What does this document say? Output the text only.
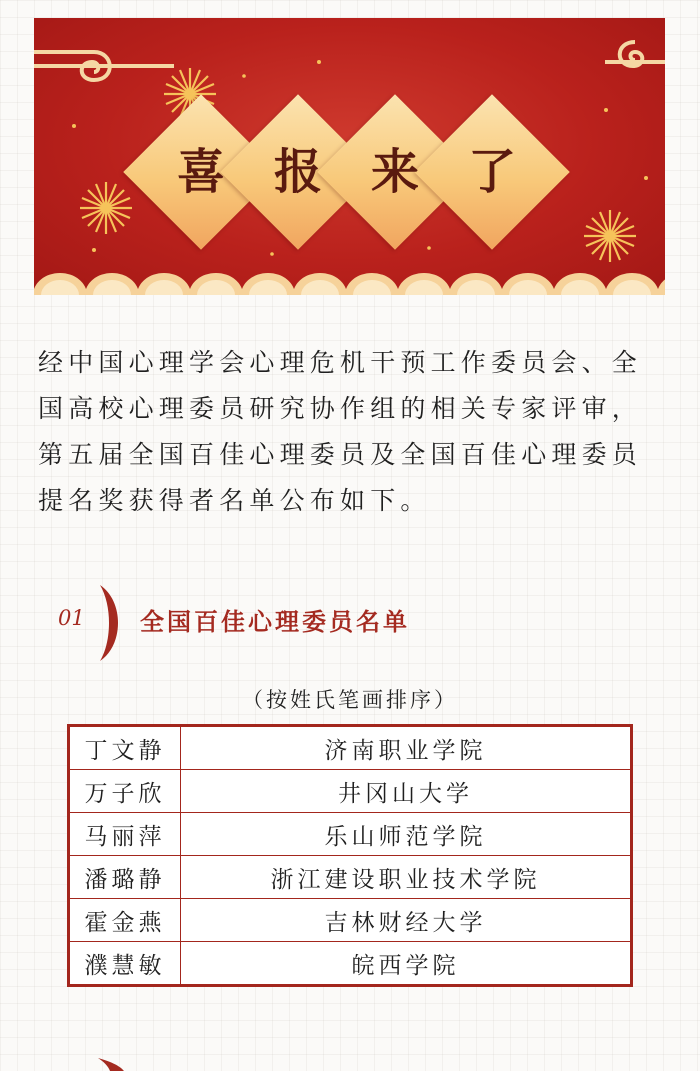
喜	报	来	了

经中国心理学会心理危机干预工作委员会、全国高校心理委员研究协作组的相关专家评审，第五届全国百佳心理委员及全国百佳心理委员提名奖获得者名单公布如下。

01 全国百佳心理委员名单
（按姓氏笔画排序）
丁文静	济南职业学院
万子欣	井冈山大学
马丽萍	乐山师范学院
潘璐静	浙江建设职业技术学院
霍金燕	吉林财经大学
濮慧敏	皖西学院
